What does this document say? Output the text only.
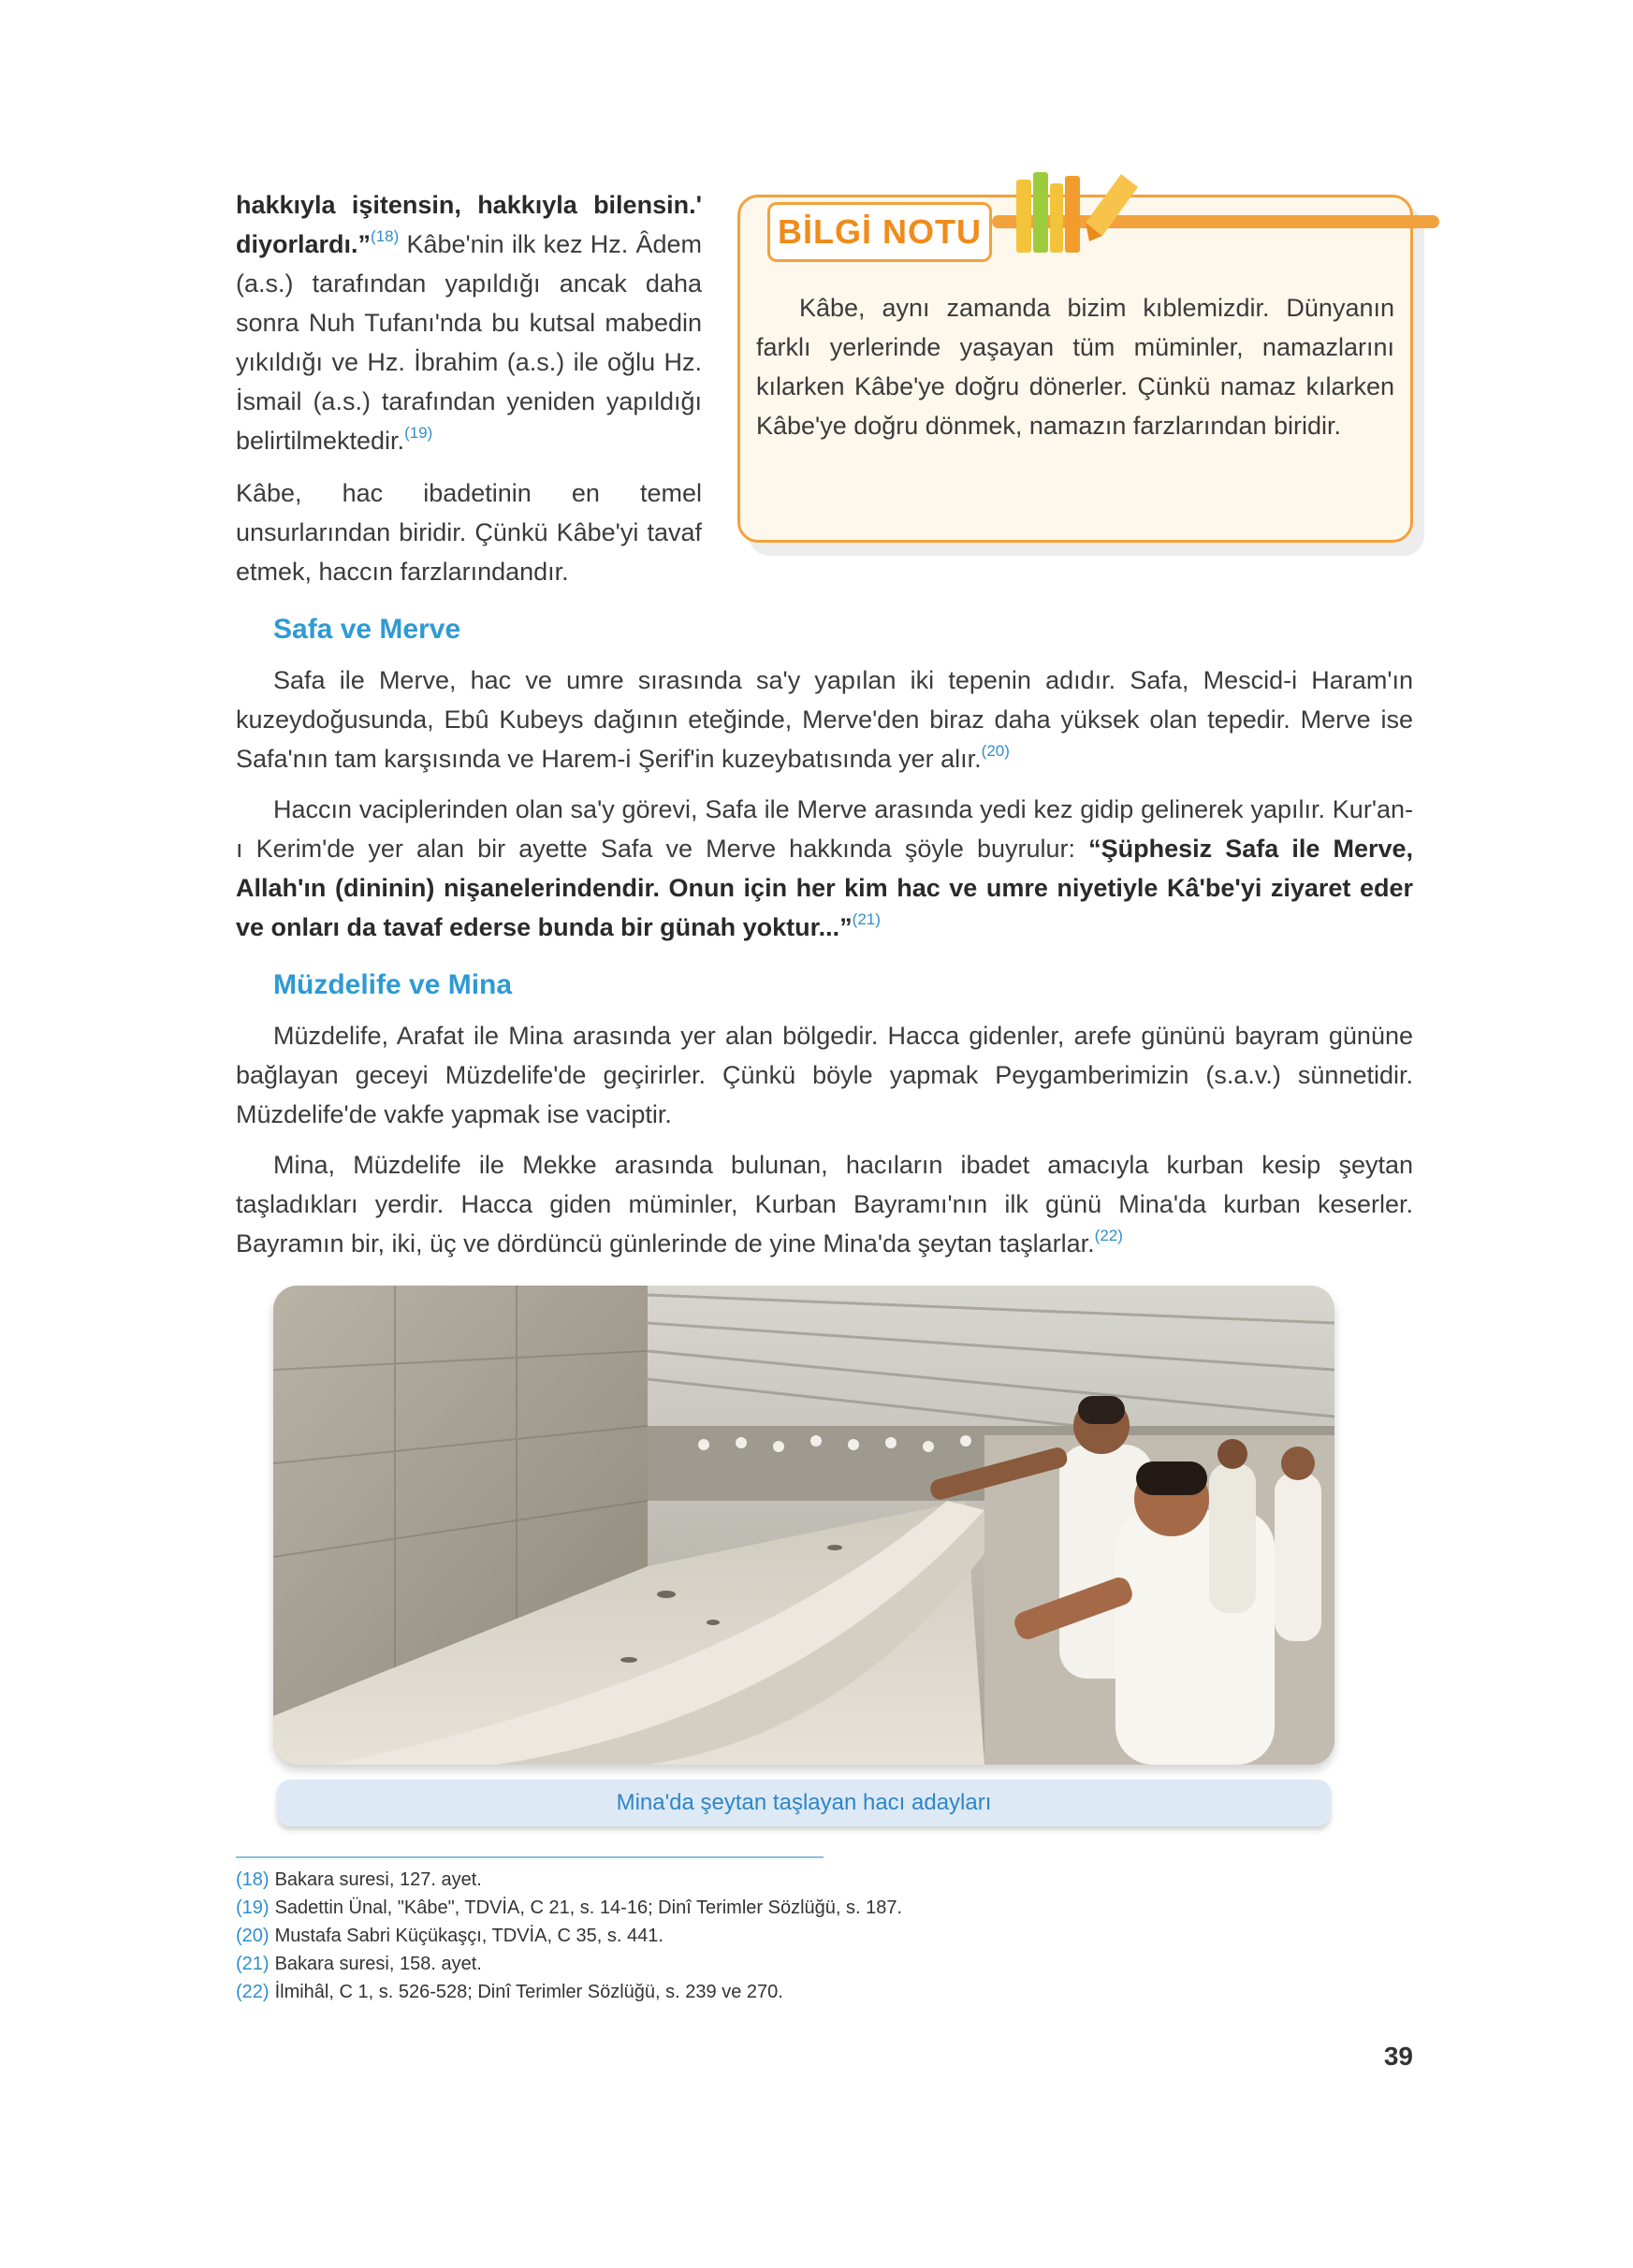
hakkıyla işitensin, hakkıyla bilensin.' diyorlardı.”$^{(18)}$ Kâbe'nin ilk kez Hz. Âdem (a.s.) tarafından yapıldığı ancak daha sonra Nuh Tufanı'nda bu kutsal mabedin yıkıldığı ve Hz. İbrahim (a.s.) ile oğlu Hz. İsmail (a.s.) tarafından yeniden yapıldığı belirtilmektedir.$^{(19)}$

Kâbe, hac ibadetinin en temel unsurlarından biridir. Çünkü Kâbe'yi tavaf etmek, haccın farzlarındandır.

BİLGİ NOTU

Kâbe, aynı zamanda bizim kıblemizdir. Dünyanın farklı yerlerinde yaşayan tüm müminler, namazlarını kılarken Kâbe'ye doğru dönerler. Çünkü namaz kılarken Kâbe'ye doğru dönmek, namazın farzlarından biridir.

Safa ve Merve

Safa ile Merve, hac ve umre sırasında sa'y yapılan iki tepenin adıdır. Safa, Mescid-i Haram'ın kuzeydoğusunda, Ebû Kubeys dağının eteğinde, Merve'den biraz daha yüksek olan tepedir. Merve ise Safa'nın tam karşısında ve Harem-i Şerif'in kuzeybatısında yer alır.$^{(20)}$

Haccın vaciplerinden olan sa'y görevi, Safa ile Merve arasında yedi kez gidip gelinerek yapılır. Kur'an-ı Kerim'de yer alan bir ayette Safa ve Merve hakkında şöyle buyrulur: “Şüphesiz Safa ile Merve, Allah'ın (dininin) nişanelerindendir. Onun için her kim hac ve umre niyetiyle Kâ'be'yi ziyaret eder ve onları da tavaf ederse bunda bir günah yoktur...”$^{(21)}$

Müzdelife ve Mina

Müzdelife, Arafat ile Mina arasında yer alan bölgedir. Hacca gidenler, arefe gününü bayram gününe bağlayan geceyi Müzdelife'de geçirirler. Çünkü böyle yapmak Peygamberimizin (s.a.v.) sünnetidir. Müzdelife'de vakfe yapmak ise vaciptir.

Mina, Müzdelife ile Mekke arasında bulunan, hacıların ibadet amacıyla kurban kesip şeytan taşladıkları yerdir. Hacca giden müminler, Kurban Bayramı'nın ilk günü Mina'da kurban keserler. Bayramın bir, iki, üç ve dördüncü günlerinde de yine Mina'da şeytan taşlarlar.$^{(22)}$

Mina'da şeytan taşlayan hacı adayları
(18) Bakara suresi, 127. ayet.
(19) Sadettin Ünal, "Kâbe", TDVİA, C 21, s. 14-16; Dinî Terimler Sözlüğü, s. 187.
(20) Mustafa Sabri Küçükaşçı, TDVİA, C 35, s. 441.
(21) Bakara suresi, 158. ayet.
(22) İlmihâl, C 1, s. 526-528; Dinî Terimler Sözlüğü, s. 239 ve 270.
39
